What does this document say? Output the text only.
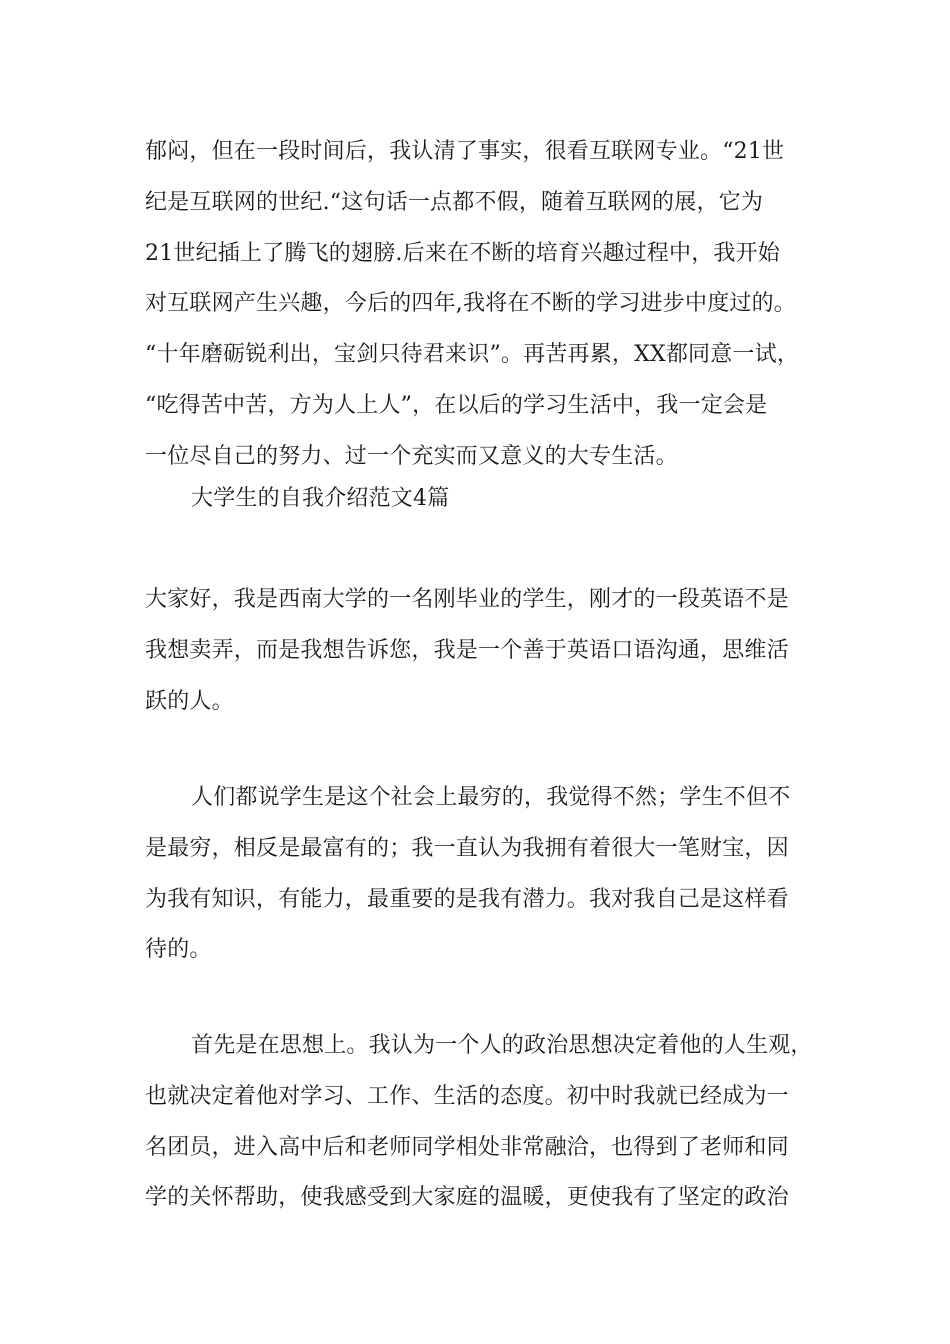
郁闷，但在一段时间后，我认清了事实，很看互联网专业。“21世
纪是互联网的世纪.“这句话一点都不假，随着互联网的展，它为
21世纪插上了腾飞的翅膀.后来在不断的培育兴趣过程中，我开始
对互联网产生兴趣，今后的四年,我将在不断的学习进步中度过的。
“十年磨砺锐利出，宝剑只待君来识”。再苦再累，XX都同意一试，
“吃得苦中苦，方为人上人”，在以后的学习生活中，我一定会是
一位尽自己的努力、过一个充实而又意义的大专生活。
大学生的自我介绍范文4篇
大家好，我是西南大学的一名刚毕业的学生，刚才的一段英语不是
我想卖弄，而是我想告诉您，我是一个善于英语口语沟通，思维活
跃的人。
人们都说学生是这个社会上最穷的，我觉得不然；学生不但不
是最穷，相反是最富有的；我一直认为我拥有着很大一笔财宝，因
为我有知识，有能力，最重要的是我有潜力。我对我自己是这样看
待的。
首先是在思想上。我认为一个人的政治思想决定着他的人生观，
也就决定着他对学习、工作、生活的态度。初中时我就已经成为一
名团员，进入高中后和老师同学相处非常融洽，也得到了老师和同
学的关怀帮助，使我感受到大家庭的温暖，更使我有了坚定的政治
